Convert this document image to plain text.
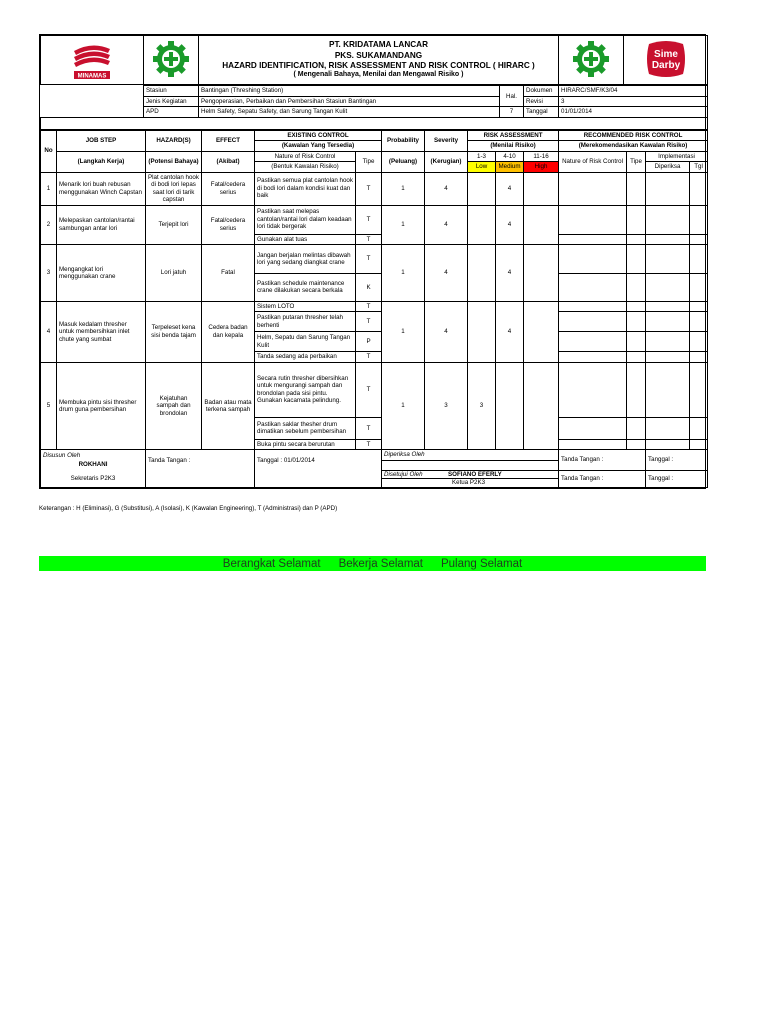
MINAMAS

PT. KRIDATAMA LANCAR
PKS. SUKAMANDANG
HAZARD IDENTIFICATION, RISK ASSESSMENT AND RISK CONTROL ( HIRARC )
( Mengenali Bahaya, Menilai dan Mengawal Risiko )

Sime
Darby
	Stasiun	Bantingan (Threshing Station)	Hal.	Dokumen	HIRARC/SMF/K3/04
	Jenis Kegiatan	Pengoperasian, Perbaikan dan Pembersihan Stasiun Bantingan		Revisi	3
	APD	Helm Safety, Sepatu Safety, dan Sarung Tangan Kulit	7	Tanggal	01/01/2014

No	JOB STEP	HAZARD(S)	EFFECT	EXISTING CONTROL		Probability	Severity	RISK ASSESSMENT			RECOMMENDED RISK CONTROL			
				(Kawalan Yang Tersedia)				(Menilai Risiko)			(Merekomendasikan Kawalan Risiko)			
	(Langkah Kerja)	(Potensi Bahaya)	(Akibat)	Nature of Risk Control	Tipe	(Peluang)	(Kerugian)	1-3	4-10	11-16	Nature of Risk Control	Tipe	Implementasi	
				(Bentuk Kawalan Risiko)				Low	Medium	High			Diperiksa	Tgl
1	Menarik lori buah rebusan menggunakan Winch Capstan	Plat cantolan hook di bodi lori lepas saat lori di tarik capstan	Fatal/cedera serius	Pastikan semua plat cantolan hook di bodi lori dalam kondisi kuat dan baik	T	1	4		4					
2	Melepaskan cantolan/rantai sambungan antar lori	Terjepit lori	Fatal/cedera serius	Pastikan saat melepas cantolan/rantai lori dalam keadaan lori tidak bergerak	T	1	4		4					
				Gunakan alat tuas	T									
3	Mengangkat lori menggunakan crane	Lori jatuh	Fatal	Jangan berjalan melintas dibawah lori yang sedang diangkat crane	T	1	4		4					
				Pastikan schedule maintenance crane dilakukan secara berkala	K									
4	Masuk kedalam thresher untuk membersihkan inlet chute yang sumbat	Terpeleset kena sisi benda tajam	Cedera badan dan kepala	Sistem LOTO	T	1	4		4					
				Pastikan putaran thresher telah berhenti	T									
				Helm, Sepatu dan Sarung Tangan Kulit	P									
				Tanda sedang ada perbaikan	T									
5	Membuka pintu sisi thresher drum guna pembersihan	Kejatuhan sampah dan brondolan	Badan atau mata terkena sampah	Secara rutin thresher dibersihkan untuk mengurangi sampah dan brondolan pada sisi pintu. Gunakan kacamata pelindung.	T	1	3	3						
				Pastikan saklar thesher drum dimatikan sebelum pembersihan	T									
				Buka pintu secara berurutan	T									
Disusun Oleh		Tanda Tangan :		Tanggal : 01/01/2014		Diperiksa Oleh					Tanda Tangan :		Tanggal :	
ROKHANI														
Sekretaris P2K3						Disetujui Oleh SOFIANO EFERLY
Ketua P2K3					Tanda Tangan :		Tanggal :	
Keterangan : H (Eliminasi), G (Substitusi), A (Isolasi), K (Kawalan Engineering), T (Administrasi) dan P (APD)
Berangkat Selamat Bekerja Selamat Pulang Selamat
